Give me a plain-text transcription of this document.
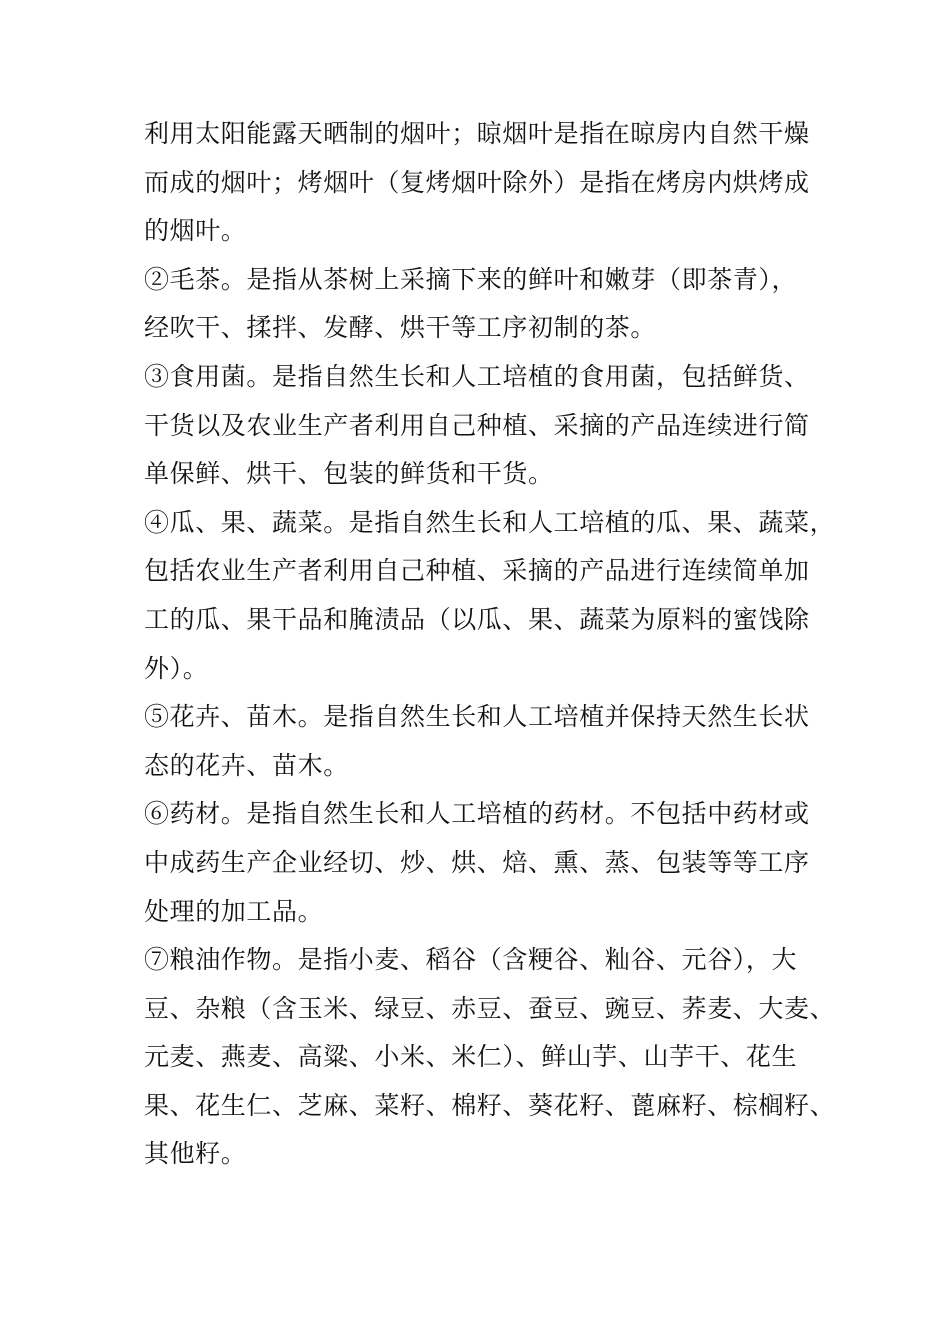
利用太阳能露天晒制的烟叶；晾烟叶是指在晾房内自然干燥
而成的烟叶；烤烟叶（复烤烟叶除外）是指在烤房内烘烤成
的烟叶。
②毛茶。是指从茶树上采摘下来的鲜叶和嫩芽（即茶青），
经吹干、揉拌、发酵、烘干等工序初制的茶。
③食用菌。是指自然生长和人工培植的食用菌，包括鲜货、
干货以及农业生产者利用自己种植、采摘的产品连续进行简
单保鲜、烘干、包装的鲜货和干货。
④瓜、果、蔬菜。是指自然生长和人工培植的瓜、果、蔬菜，
包括农业生产者利用自己种植、采摘的产品进行连续简单加
工的瓜、果干品和腌渍品（以瓜、果、蔬菜为原料的蜜饯除
外）。
⑤花卉、苗木。是指自然生长和人工培植并保持天然生长状
态的花卉、苗木。
⑥药材。是指自然生长和人工培植的药材。不包括中药材或
中成药生产企业经切、炒、烘、焙、熏、蒸、包装等等工序
处理的加工品。
⑦粮油作物。是指小麦、稻谷（含粳谷、籼谷、元谷），大
豆、杂粮（含玉米、绿豆、赤豆、蚕豆、豌豆、荞麦、大麦、
元麦、燕麦、高粱、小米、米仁）、鲜山芋、山芋干、花生
果、花生仁、芝麻、菜籽、棉籽、葵花籽、蓖麻籽、棕榈籽、
其他籽。
